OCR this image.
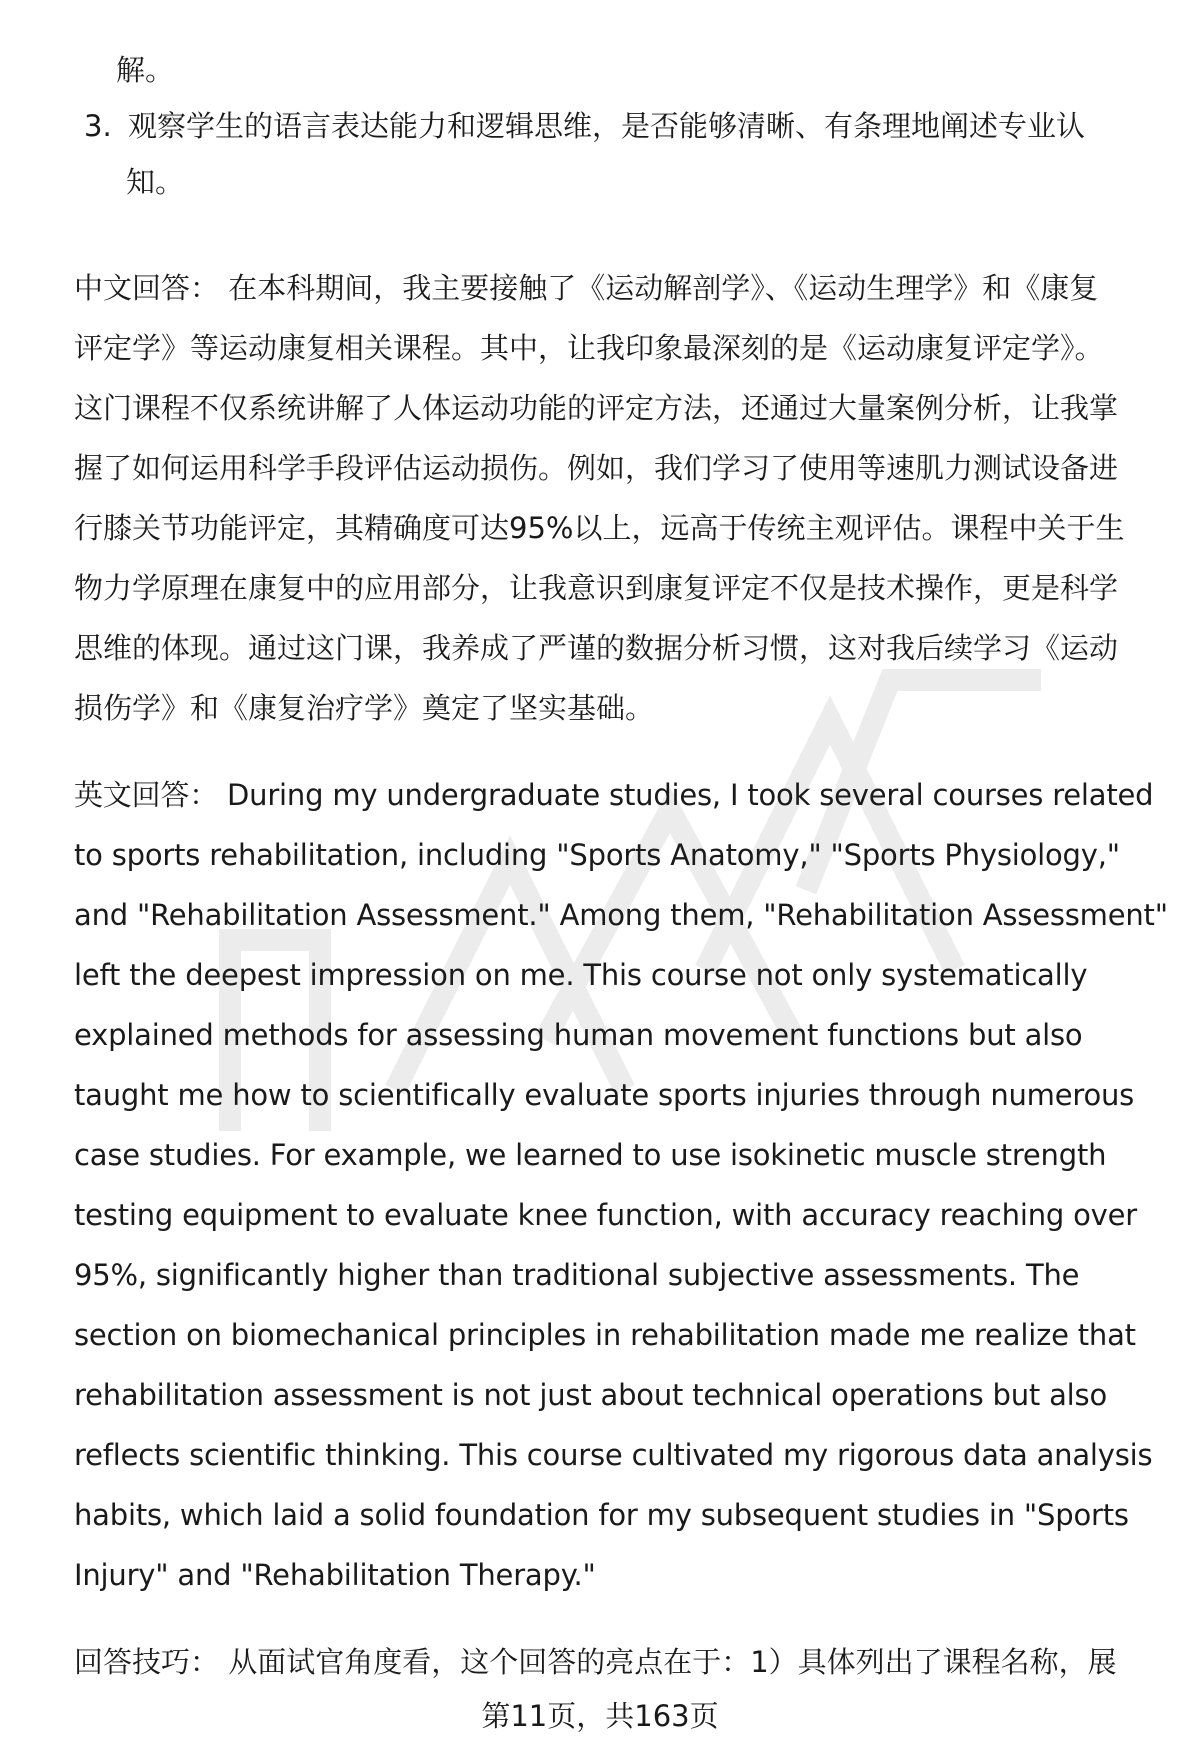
解。
3. 观察学生的语言表达能力和逻辑思维，是否能够清晰、有条理地阐述专业认
知。
中文回答： 在本科期间，我主要接触了《运动解剖学》、《运动生理学》和《康复
评定学》等运动康复相关课程。其中，让我印象最深刻的是《运动康复评定学》。
这门课程不仅系统讲解了人体运动功能的评定方法，还通过大量案例分析，让我掌
握了如何运用科学手段评估运动损伤。例如，我们学习了使用等速肌力测试设备进
行膝关节功能评定，其精确度可达95%以上，远高于传统主观评估。课程中关于生
物力学原理在康复中的应用部分，让我意识到康复评定不仅是技术操作，更是科学
思维的体现。通过这门课，我养成了严谨的数据分析习惯，这对我后续学习《运动
损伤学》和《康复治疗学》奠定了坚实基础。
英文回答： During my undergraduate studies, I took several courses related
to sports rehabilitation, including "Sports Anatomy," "Sports Physiology,"
and "Rehabilitation Assessment." Among them, "Rehabilitation Assessment"
left the deepest impression on me. This course not only systematically
explained methods for assessing human movement functions but also
taught me how to scientifically evaluate sports injuries through numerous
case studies. For example, we learned to use isokinetic muscle strength
testing equipment to evaluate knee function, with accuracy reaching over
95%, significantly higher than traditional subjective assessments. The
section on biomechanical principles in rehabilitation made me realize that
rehabilitation assessment is not just about technical operations but also
reflects scientific thinking. This course cultivated my rigorous data analysis
habits, which laid a solid foundation for my subsequent studies in "Sports
Injury" and "Rehabilitation Therapy."
回答技巧： 从面试官角度看，这个回答的亮点在于：1）具体列出了课程名称，展
第11页，共163页
